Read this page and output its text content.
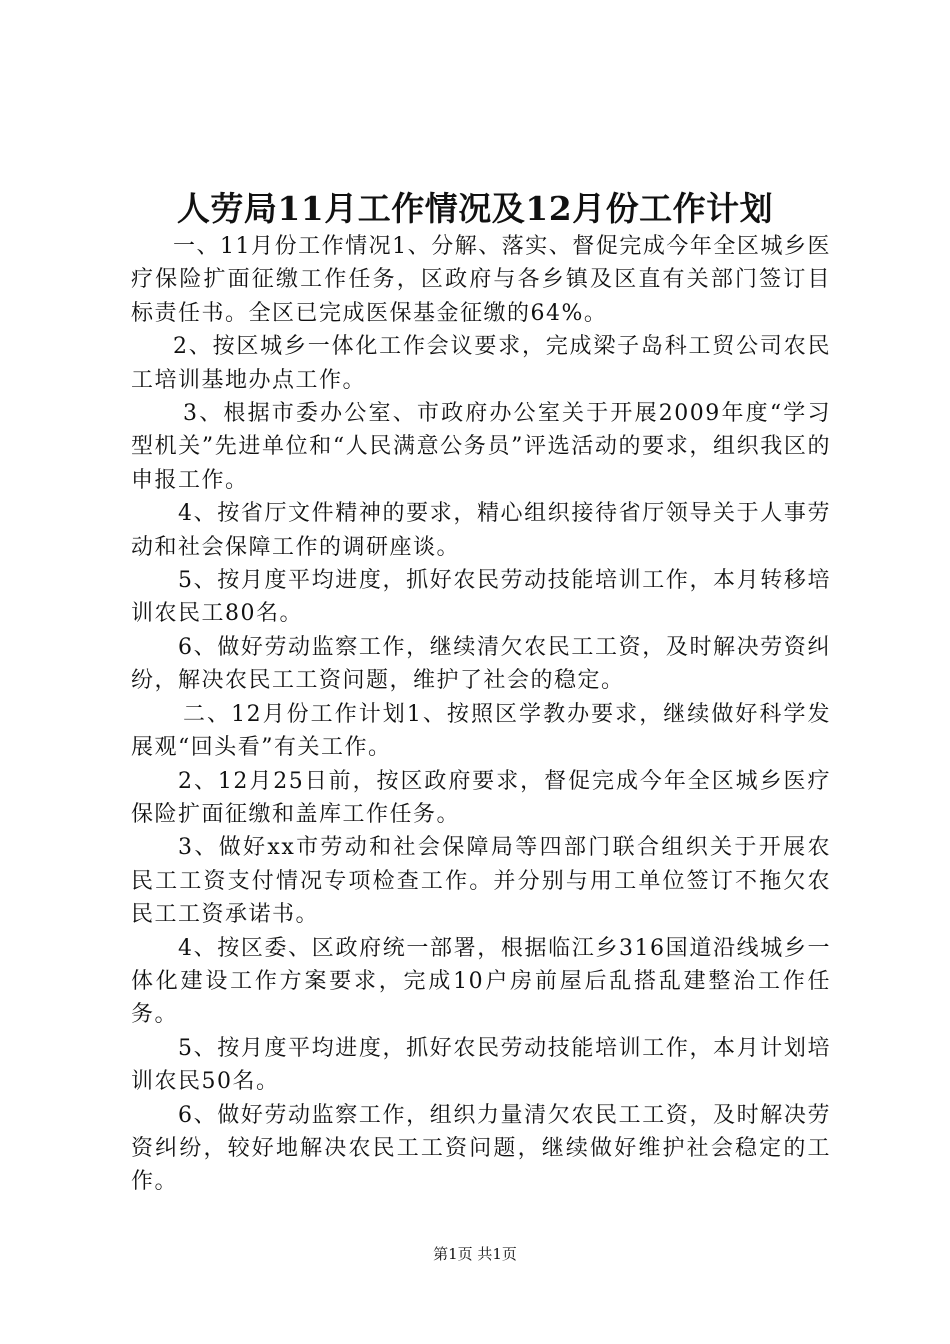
人劳局11月工作情况及12月份工作计划

一、11月份工作情况1、分解、落实、督促完成今年全区城乡医疗保险扩面征缴工作任务，区政府与各乡镇及区直有关部门签订目标责任书。全区已完成医保基金征缴的64%。

2、按区城乡一体化工作会议要求，完成梁子岛科工贸公司农民工培训基地办点工作。

3、根据市委办公室、市政府办公室关于开展2009年度“学习型机关”先进单位和“人民满意公务员”评选活动的要求，组织我区的申报工作。

4、按省厅文件精神的要求，精心组织接待省厅领导关于人事劳动和社会保障工作的调研座谈。

5、按月度平均进度，抓好农民劳动技能培训工作，本月转移培训农民工80名。

6、做好劳动监察工作，继续清欠农民工工资，及时解决劳资纠纷，解决农民工工资问题，维护了社会的稳定。

二、12月份工作计划1、按照区学教办要求，继续做好科学发展观“回头看”有关工作。

2、12月25日前，按区政府要求，督促完成今年全区城乡医疗保险扩面征缴和盖库工作任务。

3、做好xx市劳动和社会保障局等四部门联合组织关于开展农民工工资支付情况专项检查工作。并分别与用工单位签订不拖欠农民工工资承诺书。

4、按区委、区政府统一部署，根据临江乡316国道沿线城乡一体化建设工作方案要求，完成10户房前屋后乱搭乱建整治工作任务。

5、按月度平均进度，抓好农民劳动技能培训工作，本月计划培训农民50名。

6、做好劳动监察工作，组织力量清欠农民工工资，及时解决劳资纠纷，较好地解决农民工工资问题，继续做好维护社会稳定的工作。

第1页 共1页
